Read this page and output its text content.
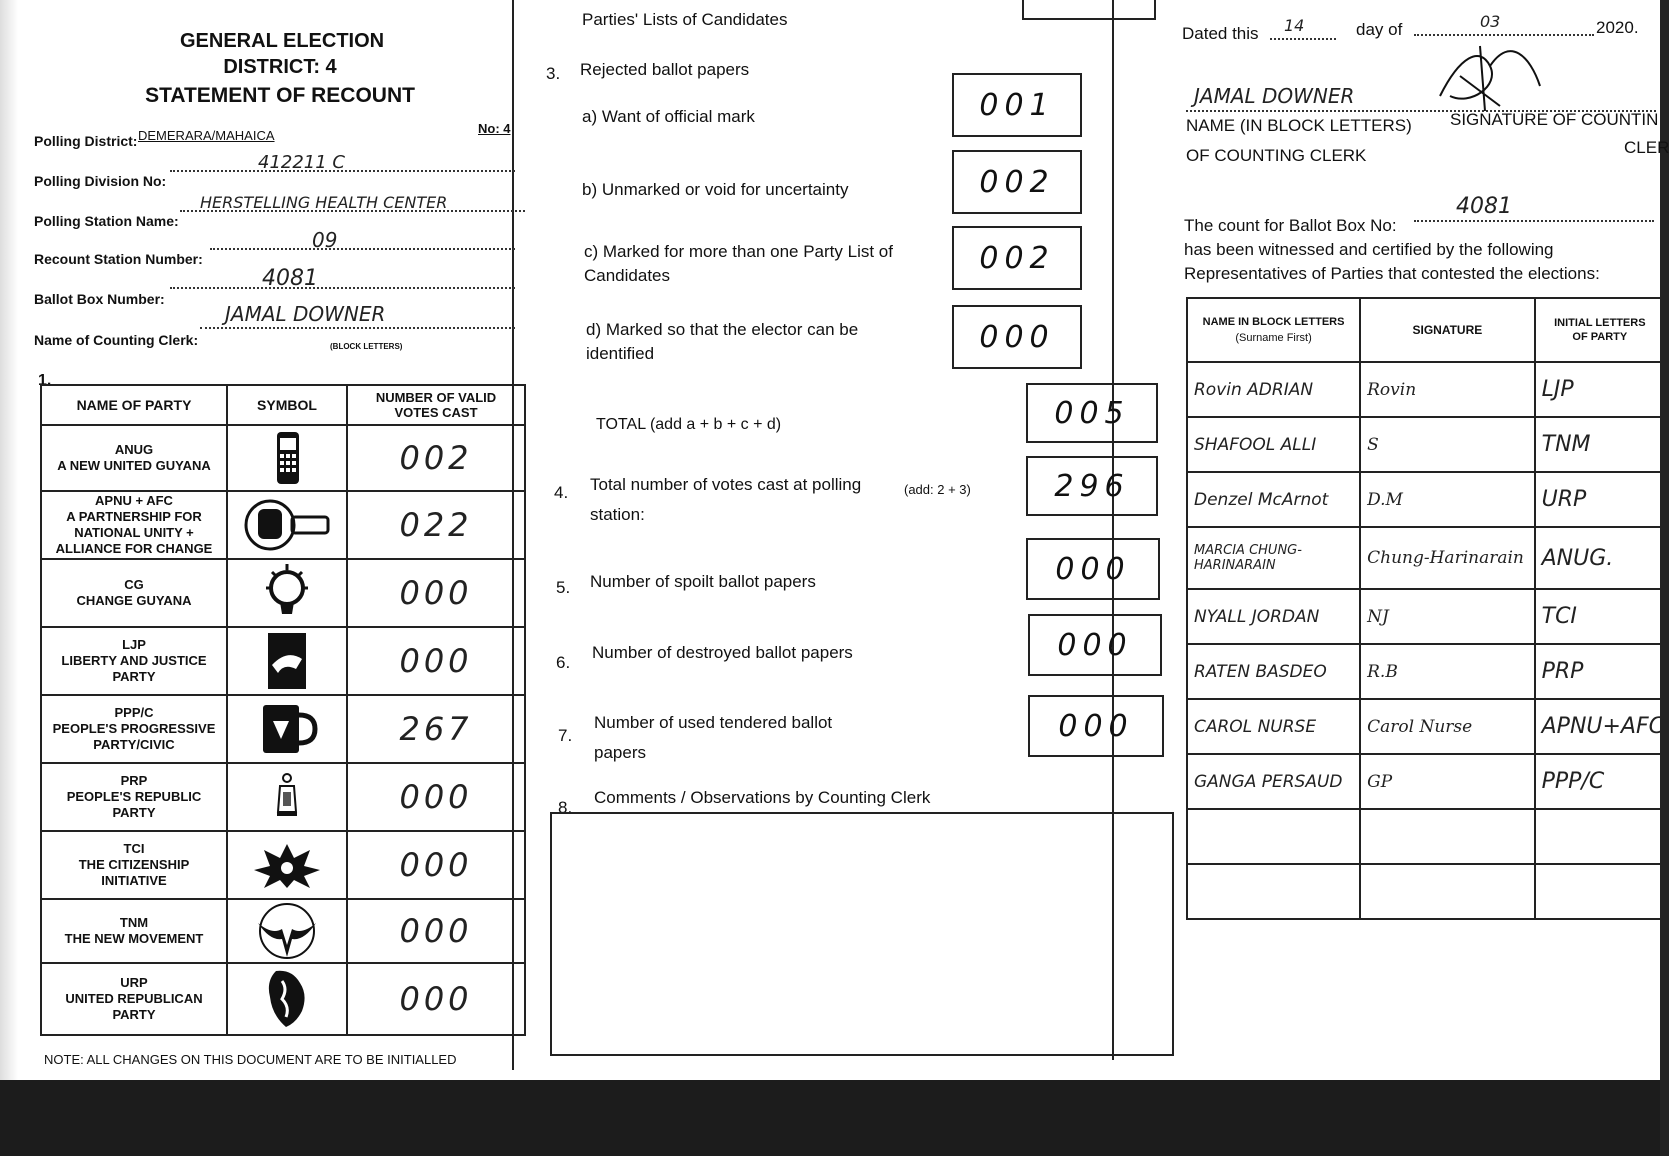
GENERAL ELECTION
DISTRICT: 4
STATEMENT OF RECOUNT
Polling District: DEMERARA/MAHAICA	No: 4
Polling Division No:
412211 C
Polling Station Name:
HERSTELLING HEALTH CENTER
Recount Station Number:
09
Ballot Box Number:
4081
Name of Counting Clerk:
JAMAL DOWNER
(BLOCK LETTERS)
1.
NAME OF PARTY	SYMBOL	NUMBER OF VALID
VOTES CAST

ANUG
A NEW UNITED GUYANA		002

APNU + AFC
A PARTNERSHIP FOR NATIONAL UNITY + ALLIANCE FOR CHANGE		022

CG
CHANGE GUYANA		000

LJP
LIBERTY AND JUSTICE PARTY		000

PPP/C
PEOPLE'S PROGRESSIVE PARTY/CIVIC		267

PRP
PEOPLE'S REPUBLIC PARTY		000

TCI
THE CITIZENSHIP INITIATIVE		000

TNM
THE NEW MOVEMENT		000

URP
UNITED REPUBLICAN PARTY		000
NOTE: ALL CHANGES ON THIS DOCUMENT ARE TO BE INITIALLED
Parties' Lists of Candidates
3. Rejected ballot papers
a) Want of official mark	001
b) Unmarked or void for uncertainty	002
c) Marked for more than one Party List of
Candidates	002
d) Marked so that the elector can be
identified	000
TOTAL (add a + b + c + d)	005
4. Total number of votes cast at polling
station:
(add: 2 + 3)	296
5. Number of spoilt ballot papers	000
6.
Number of destroyed ballot papers	000
7.
Number of used tendered ballot
papers
000
8.
Comments / Observations by Counting Clerk
Dated this 14	day of	03	2020.
JAMAL DOWNER
NAME (IN BLOCK LETTERS)
OF COUNTING CLERK
SIGNATURE OF COUNTIN
CLER
The count for Ballot Box No:
4081
has been witnessed and certified by the following
Representatives of Parties that contested the elections:
NAME IN BLOCK LETTERS
(Surname First)	SIGNATURE	INITIAL LETTERS
OF PARTY
Rovin ADRIAN	Rovin	LJP
SHAFOOL ALLI	S	TNM
Denzel McArnot	D.M	URP
MARCIA CHUNG-HARINARAIN	Chung-Harinarain	ANUG.
NYALL JORDAN	NJ	TCI
RATEN BASDEO	R.B	PRP
CAROL NURSE	Carol Nurse	APNU+AFC
GANGA PERSAUD	GP	PPP/C
